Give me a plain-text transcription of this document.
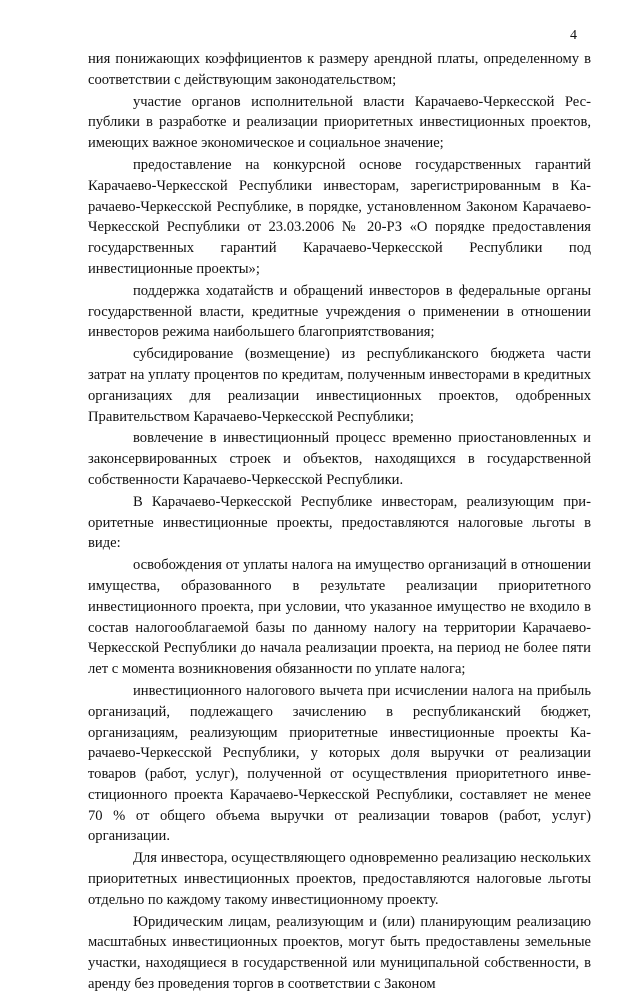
4

ния понижающих коэффициентов к размеру арендной платы, определенному в соответствии с действующим законодательством;

участие органов исполнительной власти Карачаево-Черкесской Республики в разработке и реализации приоритетных инвестиционных проектов, имеющих важное экономическое и социальное значение;

предоставление на конкурсной основе государственных гарантий Карачаево-Черкесской Республики инвесторам, зарегистрированным в Карачаево-Черкесской Республике, в порядке, установленном Законом Карачаево-Черкесской Республики от 23.03.2006 № 20-РЗ «О порядке предоставления государственных гарантий Карачаево-Черкесской Республики под инвестиционные проекты»;

поддержка ходатайств и обращений инвесторов в федеральные органы государственной власти, кредитные учреждения о применении в отношении инвесторов режима наибольшего благоприятствования;

субсидирование (возмещение) из республиканского бюджета части затрат на уплату процентов по кредитам, полученным инвесторами в кредитных организациях для реализации инвестиционных проектов, одобренных Правительством Карачаево-Черкесской Республики;

вовлечение в инвестиционный процесс временно приостановленных и законсервированных строек и объектов, находящихся в государственной собственности Карачаево-Черкесской Республики.

В Карачаево-Черкесской Республике инвесторам, реализующим приоритетные инвестиционные проекты, предоставляются налоговые льготы в виде:

освобождения от уплаты налога на имущество организаций в отношении имущества, образованного в результате реализации приоритетного инвестиционного проекта, при условии, что указанное имущество не входило в состав налогооблагаемой базы по данному налогу на территории Карачаево-Черкесской Республики до начала реализации проекта, на период не более пяти лет с момента возникновения обязанности по уплате налога;

инвестиционного налогового вычета при исчислении налога на прибыль организаций, подлежащего зачислению в республиканский бюджет, организациям, реализующим приоритетные инвестиционные проекты Карачаево-Черкесской Республики, у которых доля выручки от реализации товаров (работ, услуг), полученной от осуществления приоритетного инвестиционного проекта Карачаево-Черкесской Республики, составляет не менее 70 % от общего объема выручки от реализации товаров (работ, услуг) организации.

Для инвестора, осуществляющего одновременно реализацию нескольких приоритетных инвестиционных проектов, предоставляются налоговые льготы отдельно по каждому такому инвестиционному проекту.

Юридическим лицам, реализующим и (или) планирующим реализацию масштабных инвестиционных проектов, могут быть предоставлены земельные участки, находящиеся в государственной или муниципальной собственности, в аренду без проведения торгов в соответствии с Законом
